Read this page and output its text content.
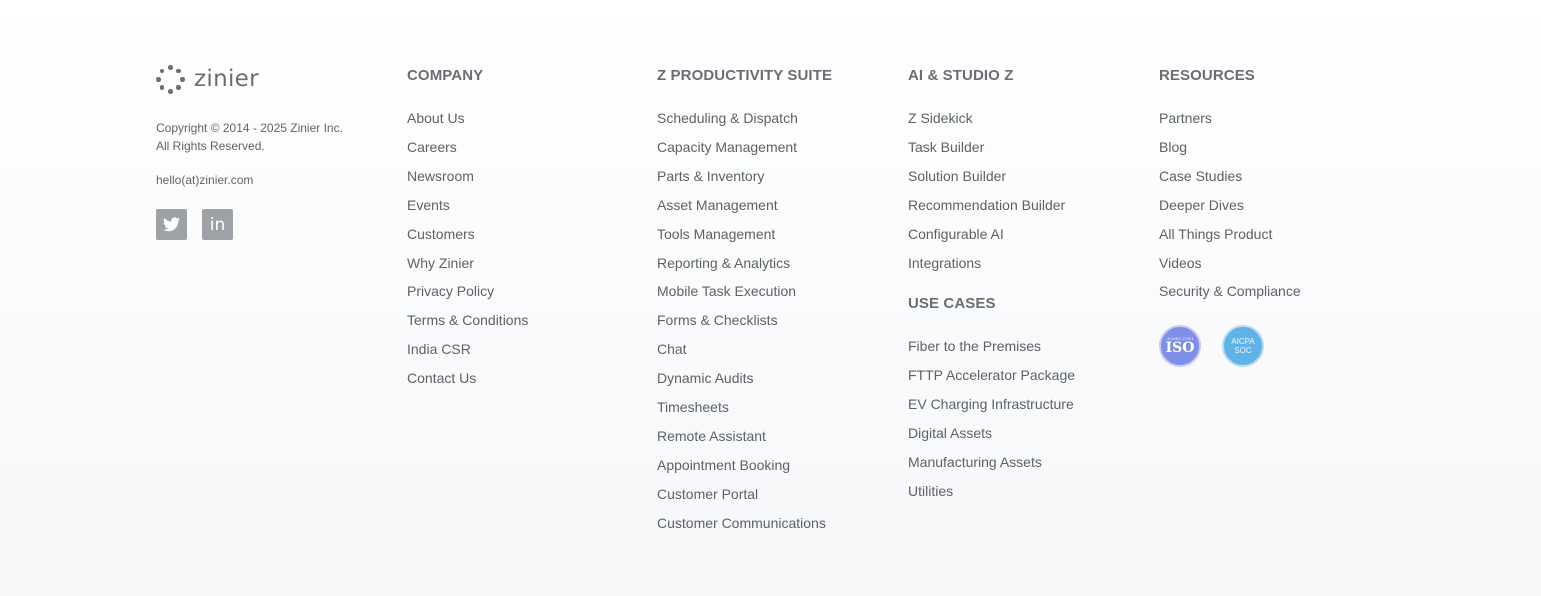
zinier
Copyright © 2014 - 2025 Zinier Inc.
All Rights Reserved.
hello(at)zinier.com
in
COMPANY
About Us
Careers
Newsroom
Events
Customers
Why Zinier
Privacy Policy
Terms & Conditions
India CSR
Contact Us
Z PRODUCTIVITY SUITE
Scheduling & Dispatch
Capacity Management
Parts & Inventory
Asset Management
Tools Management
Reporting & Analytics
Mobile Task Execution
Forms & Checklists
Chat
Dynamic Audits
Timesheets
Remote Assistant
Appointment Booking
Customer Portal
Customer Communications
AI & STUDIO Z
Z Sidekick
Task Builder
Solution Builder
Recommendation Builder
Configurable AI
Integrations
USE CASES
Fiber to the Premises
FTTP Accelerator Package
EV Charging Infrastructure
Digital Assets
Manufacturing Assets
Utilities
RESOURCES
Partners
Blog
Case Studies
Deeper Dives
All Things Product
Videos
Security & Compliance
ISO/IEC 27001
ISO	AICPA
SOC
